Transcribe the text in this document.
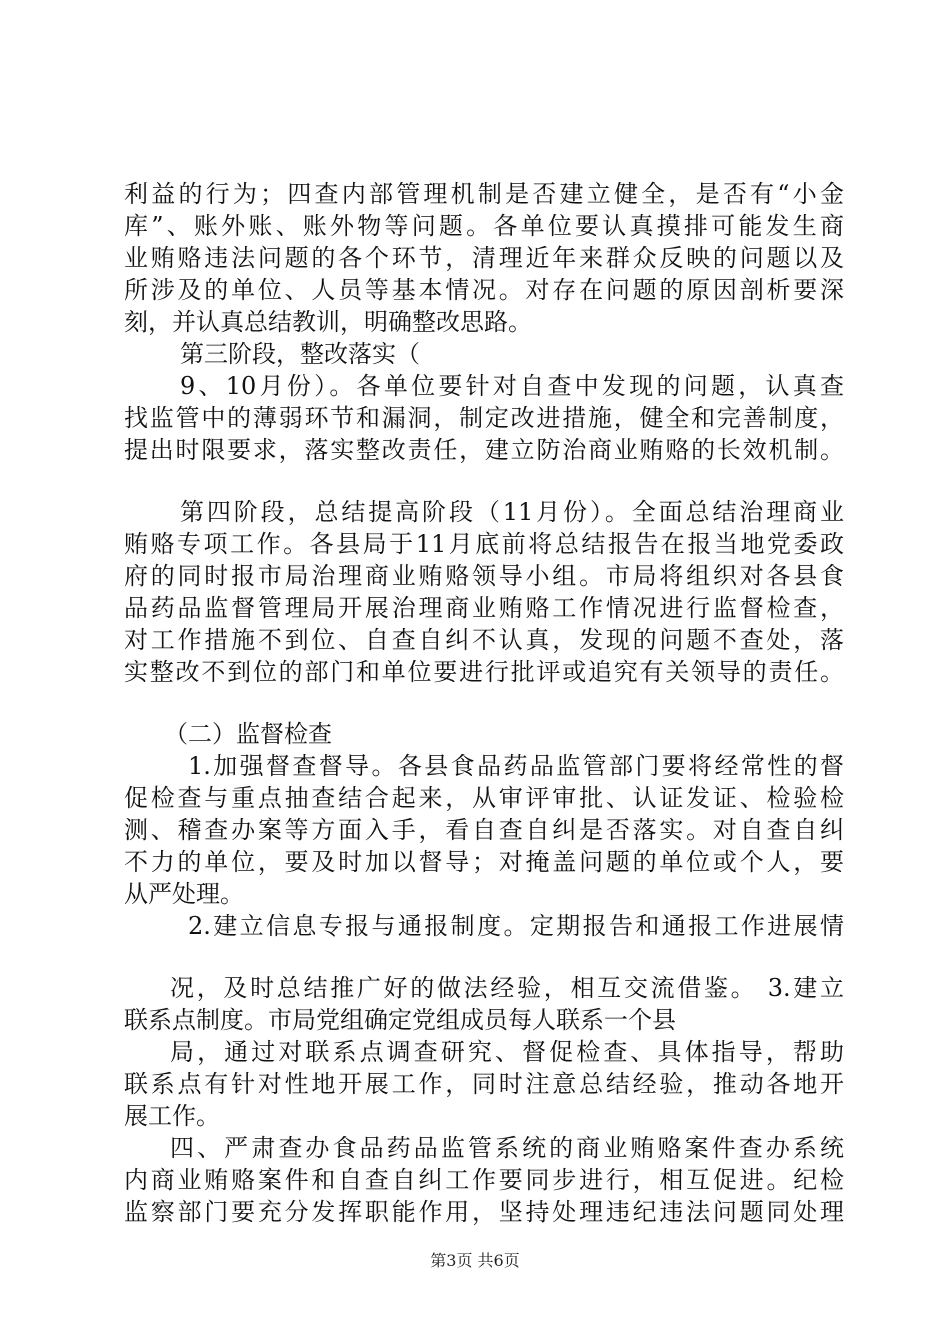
利益的行为；四查内部管理机制是否建立健全，是否有“小金
库”、账外账、账外物等问题。各单位要认真摸排可能发生商
业贿赂违法问题的各个环节，清理近年来群众反映的问题以及
所涉及的单位、人员等基本情况。对存在问题的原因剖析要深
刻，并认真总结教训，明确整改思路。
第三阶段，整改落实（
9、10月份）。各单位要针对自查中发现的问题，认真查
找监管中的薄弱环节和漏洞，制定改进措施，健全和完善制度，
提出时限要求，落实整改责任，建立防治商业贿赂的长效机制。
第四阶段，总结提高阶段（11月份）。全面总结治理商业
贿赂专项工作。各县局于11月底前将总结报告在报当地党委政
府的同时报市局治理商业贿赂领导小组。市局将组织对各县食
品药品监督管理局开展治理商业贿赂工作情况进行监督检查，
对工作措施不到位、自查自纠不认真，发现的问题不查处，落
实整改不到位的部门和单位要进行批评或追究有关领导的责任。
（二）监督检查
1.加强督查督导。各县食品药品监管部门要将经常性的督
促检查与重点抽查结合起来，从审评审批、认证发证、检验检
测、稽查办案等方面入手，看自查自纠是否落实。对自查自纠
不力的单位，要及时加以督导；对掩盖问题的单位或个人，要
从严处理。
2.建立信息专报与通报制度。定期报告和通报工作进展情
况，及时总结推广好的做法经验，相互交流借鉴。 3.建立
联系点制度。市局党组确定党组成员每人联系一个县
局，通过对联系点调查研究、督促检查、具体指导，帮助
联系点有针对性地开展工作，同时注意总结经验，推动各地开
展工作。
四、严肃查办食品药品监管系统的商业贿赂案件查办系统
内商业贿赂案件和自查自纠工作要同步进行，相互促进。纪检
监察部门要充分发挥职能作用，坚持处理违纪违法问题同处理
第3页 共6页
